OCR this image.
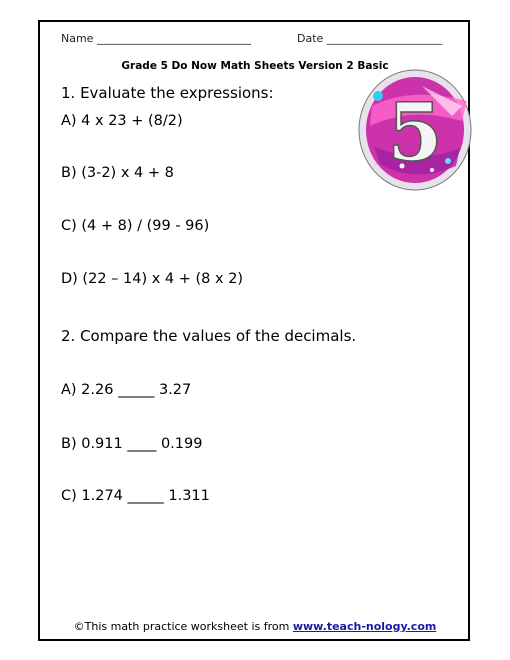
Name ____________________________	Date _____________________
Grade 5 Do Now Math Sheets Version 2 Basic
5
1. Evaluate the expressions:
A) 4 x 23 + (8/2)
B) (3-2) x 4 + 8
C) (4 + 8) / (99 - 96)
D) (22 – 14) x 4 + (8 x 2)
2. Compare the values of the decimals.
A) 2.26 _____ 3.27
B) 0.911 ____ 0.199
C) 1.274 _____ 1.311
©This math practice worksheet is from www.teach-nology.com
